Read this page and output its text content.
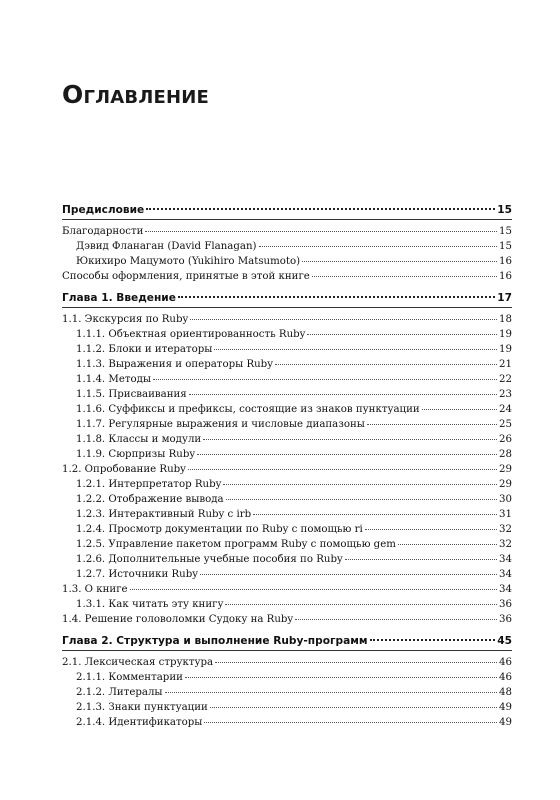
Оглавление
Предисловие	15
Благодарности	15
Дэвид Фланаган (David Flanagan)	15
Юкихиро Мацумото (Yukihiro Matsumoto)	16
Способы оформления, принятые в этой книге	16
Глава 1. Введение	17
1.1. Экскурсия по Ruby	18
1.1.1. Объектная ориентированность Ruby	19
1.1.2. Блоки и итераторы	19
1.1.3. Выражения и операторы Ruby	21
1.1.4. Методы	22
1.1.5. Присваивания	23
1.1.6. Суффиксы и префиксы, состоящие из знаков пунктуации	24
1.1.7. Регулярные выражения и числовые диапазоны	25
1.1.8. Классы и модули	26
1.1.9. Сюрпризы Ruby	28
1.2. Опробование Ruby	29
1.2.1. Интерпретатор Ruby	29
1.2.2. Отображение вывода	30
1.2.3. Интерактивный Ruby с irb	31
1.2.4. Просмотр документации по Ruby с помощью ri	32
1.2.5. Управление пакетом программ Ruby с помощью gem	32
1.2.6. Дополнительные учебные пособия по Ruby	34
1.2.7. Источники Ruby	34
1.3. О книге	34
1.3.1. Как читать эту книгу	36
1.4. Решение головоломки Судоку на Ruby	36
Глава 2. Структура и выполнение Ruby-программ	45
2.1. Лексическая структура	46
2.1.1. Комментарии	46
2.1.2. Литералы	48
2.1.3. Знаки пунктуации	49
2.1.4. Идентификаторы	49
